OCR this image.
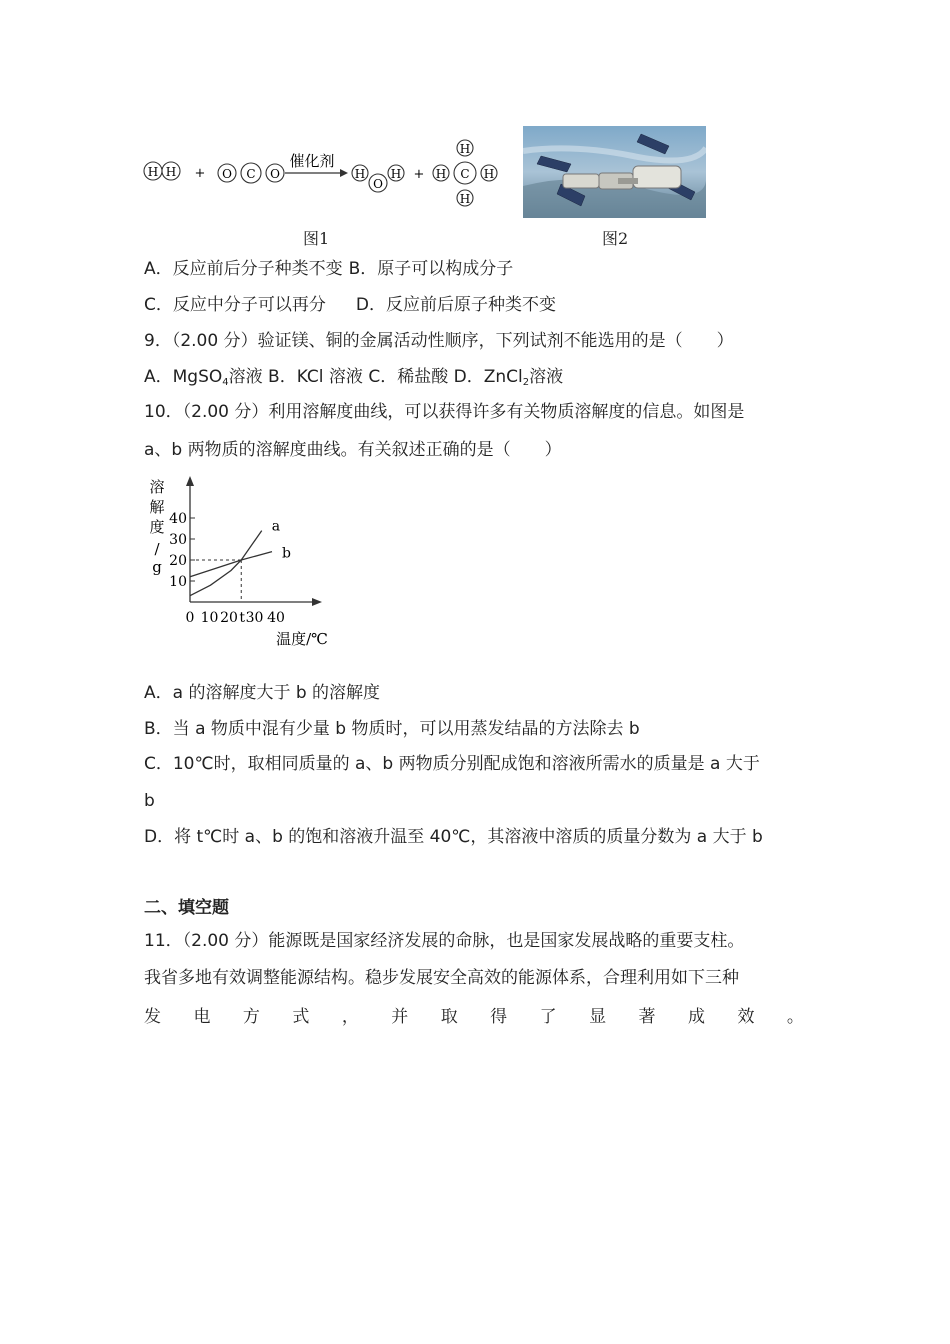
H H + O C O
催化剂
H
O
H +
H
H C H
H
图1	图2
A．反应前后分子种类不变 B．原子可以构成分子
C．反应中分子可以再分 D．反应前后原子种类不变
9．（2.00 分）验证镁、铜的金属活动性顺序，下列试剂不能选用的是（　　）
A．MgSO$_4$溶液 B．KCl 溶液 C．稀盐酸 D．ZnCl$_2$溶液
10．（2.00 分）利用溶解度曲线，可以获得许多有关物质溶解度的信息。如图是
a、b 两物质的溶解度曲线。有关叙述正确的是（　　）
溶
解
度
/
g
10
20
30
40
0 10 20 t 30 40
a
b
温度/℃
A．a 的溶解度大于 b 的溶解度
B．当 a 物质中混有少量 b 物质时，可以用蒸发结晶的方法除去 b
C．10℃时，取相同质量的 a、b 两物质分别配成饱和溶液所需水的质量是 a 大于
b
D．将 t℃时 a、b 的饱和溶液升温至 40℃，其溶液中溶质的质量分数为 a 大于 b
二、填空题
11．（2.00 分）能源既是国家经济发展的命脉，也是国家发展战略的重要支柱。
我省多地有效调整能源结构。稳步发展安全高效的能源体系，合理利用如下三种
发 电 方 式 ， 并 取 得 了 显 著 成 效 。
